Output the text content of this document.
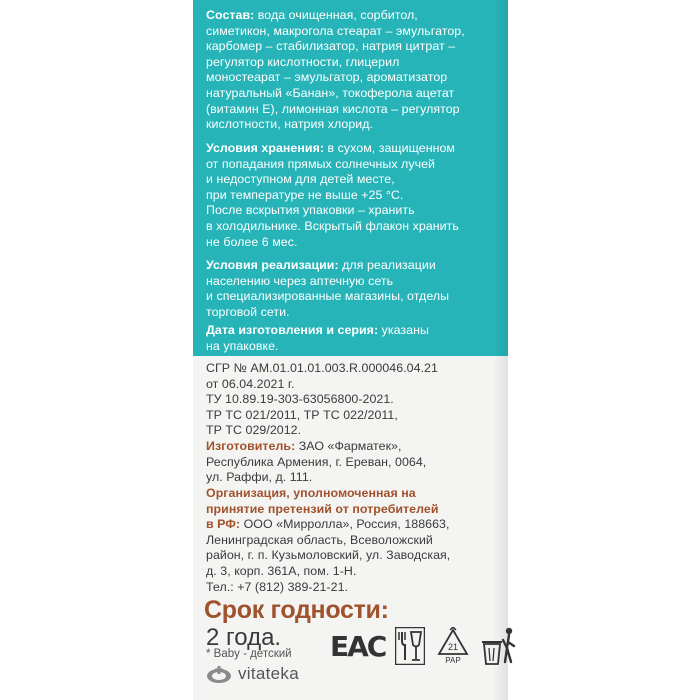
Состав: вода очищенная, сорбитол,
симетикон, макрогола стеарат – эмульгатор,
карбомер – стабилизатор, натрия цитрат –
регулятор кислотности, глицерил
моностеарат – эмульгатор, ароматизатор
натуральный «Банан», токоферола ацетат
(витамин Е), лимонная кислота – регулятор
кислотности, натрия хлорид.
Условия хранения: в сухом, защищенном
от попадания прямых солнечных лучей
и недоступном для детей месте,
при температуре не выше +25 °С.
После вскрытия упаковки – хранить
в холодильнике. Вскрытый флакон хранить
не более 6 мес.
Условия реализации: для реализации
населению через аптечную сеть
и специализированные магазины, отделы
торговой сети.
Дата изготовления и серия: указаны
на упаковке.
СГР № AM.01.01.01.003.R.000046.04.21
от 06.04.2021 г.
ТУ 10.89.19-303-63056800-2021.
ТР ТС 021/2011, ТР ТС 022/2011,
ТР ТС 029/2012.
Изготовитель: ЗАО «Фарматек»,
Республика Армения, г. Ереван, 0064,
ул. Раффи, д. 111.
Организация, уполномоченная на
принятие претензий от потребителей
в РФ: ООО «Мирролла», Россия, 188663,
Ленинградская область, Всеволожский
район, г. п. Кузьмоловский, ул. Заводская,
д. 3, корп. 361А, пом. 1-Н.
Тел.: +7 (812) 389-21-21.
Срок годности:
2 года.
* Baby - детский
vitateka
EAC	21
PAP
